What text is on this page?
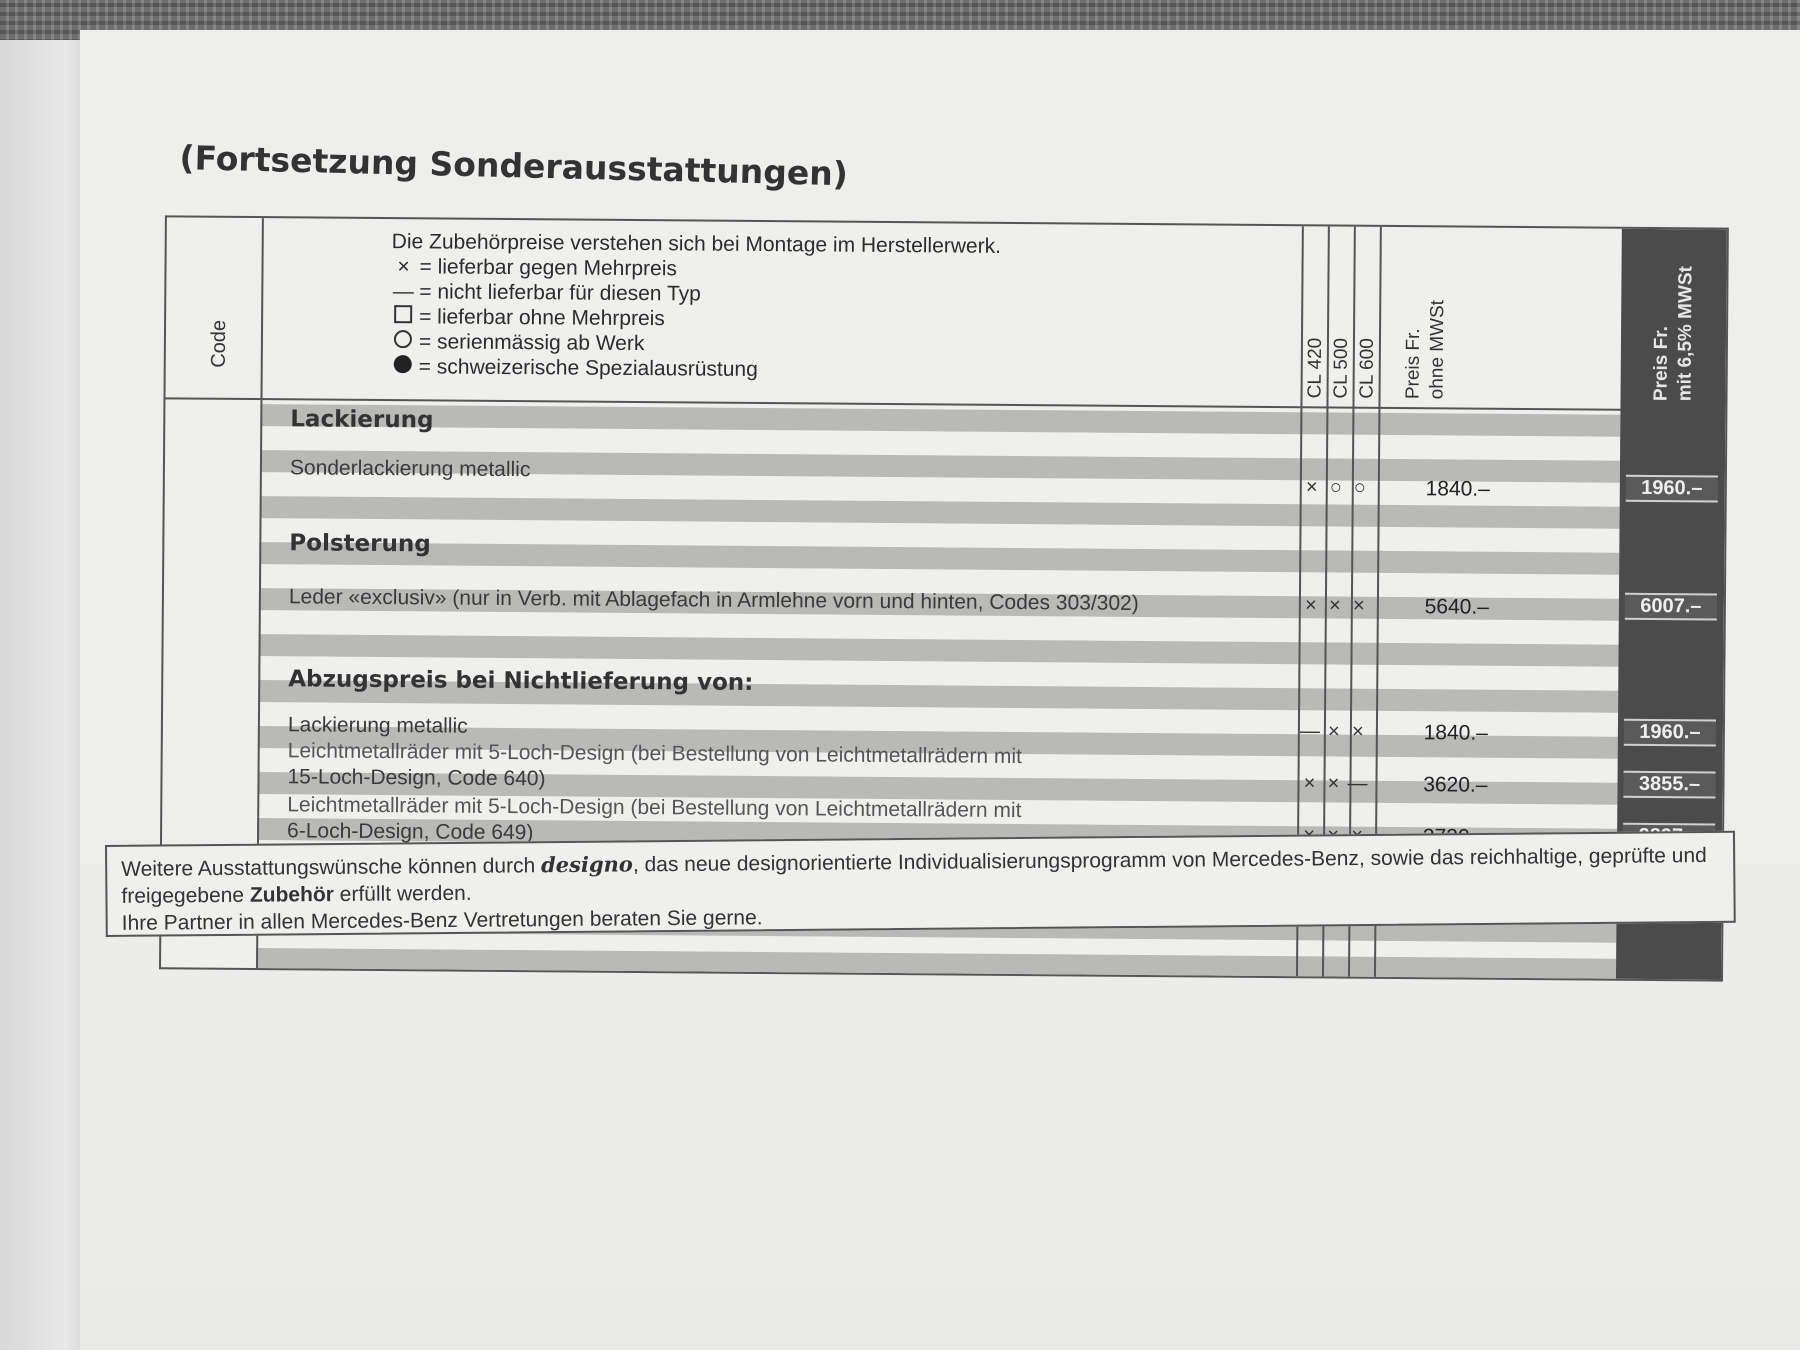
(Fortsetzung Sonderausstattungen)
Code
Die Zubehörpreise verstehen sich bei Montage im Herstellerwerk.
× = lieferbar gegen Mehrpreis
— = nicht lieferbar für diesen Typ
= lieferbar ohne Mehrpreis
= serienmässig ab Werk
= schweizerische Spezialausrüstung	CL 420 CL 500 CL 600 Preis Fr. ohne MWSt	Preis Fr. mit 6,5% MWSt
Lackierung
Sonderlackierung metallic
× ○ ○	1840.–	1960.–
Polsterung
Leder «exclusiv» (nur in Verb. mit Ablagefach in Armlehne vorn und hinten, Codes 303/302)	× × ×	5640.–	6007.–
Abzugspreis bei Nichtlieferung von:
Lackierung metallic	— × ×	1840.–	1960.–
Leichtmetallräder mit 5-Loch-Design (bei Bestellung von Leichtmetallrädern mit
15-Loch-Design, Code 640)	× × —	3620.–	3855.–
Leichtmetallräder mit 5-Loch-Design (bei Bestellung von Leichtmetallrädern mit
6-Loch-Design, Code 649)
Weitere Ausstattungswünsche können durch designo, das neue designorientierte Individualisierungsprogramm von Mercedes-Benz, sowie das reichhaltige, geprüfte und freigegebene Zubehör erfüllt werden.
Ihre Partner in allen Mercedes-Benz Vertretungen beraten Sie gerne.
